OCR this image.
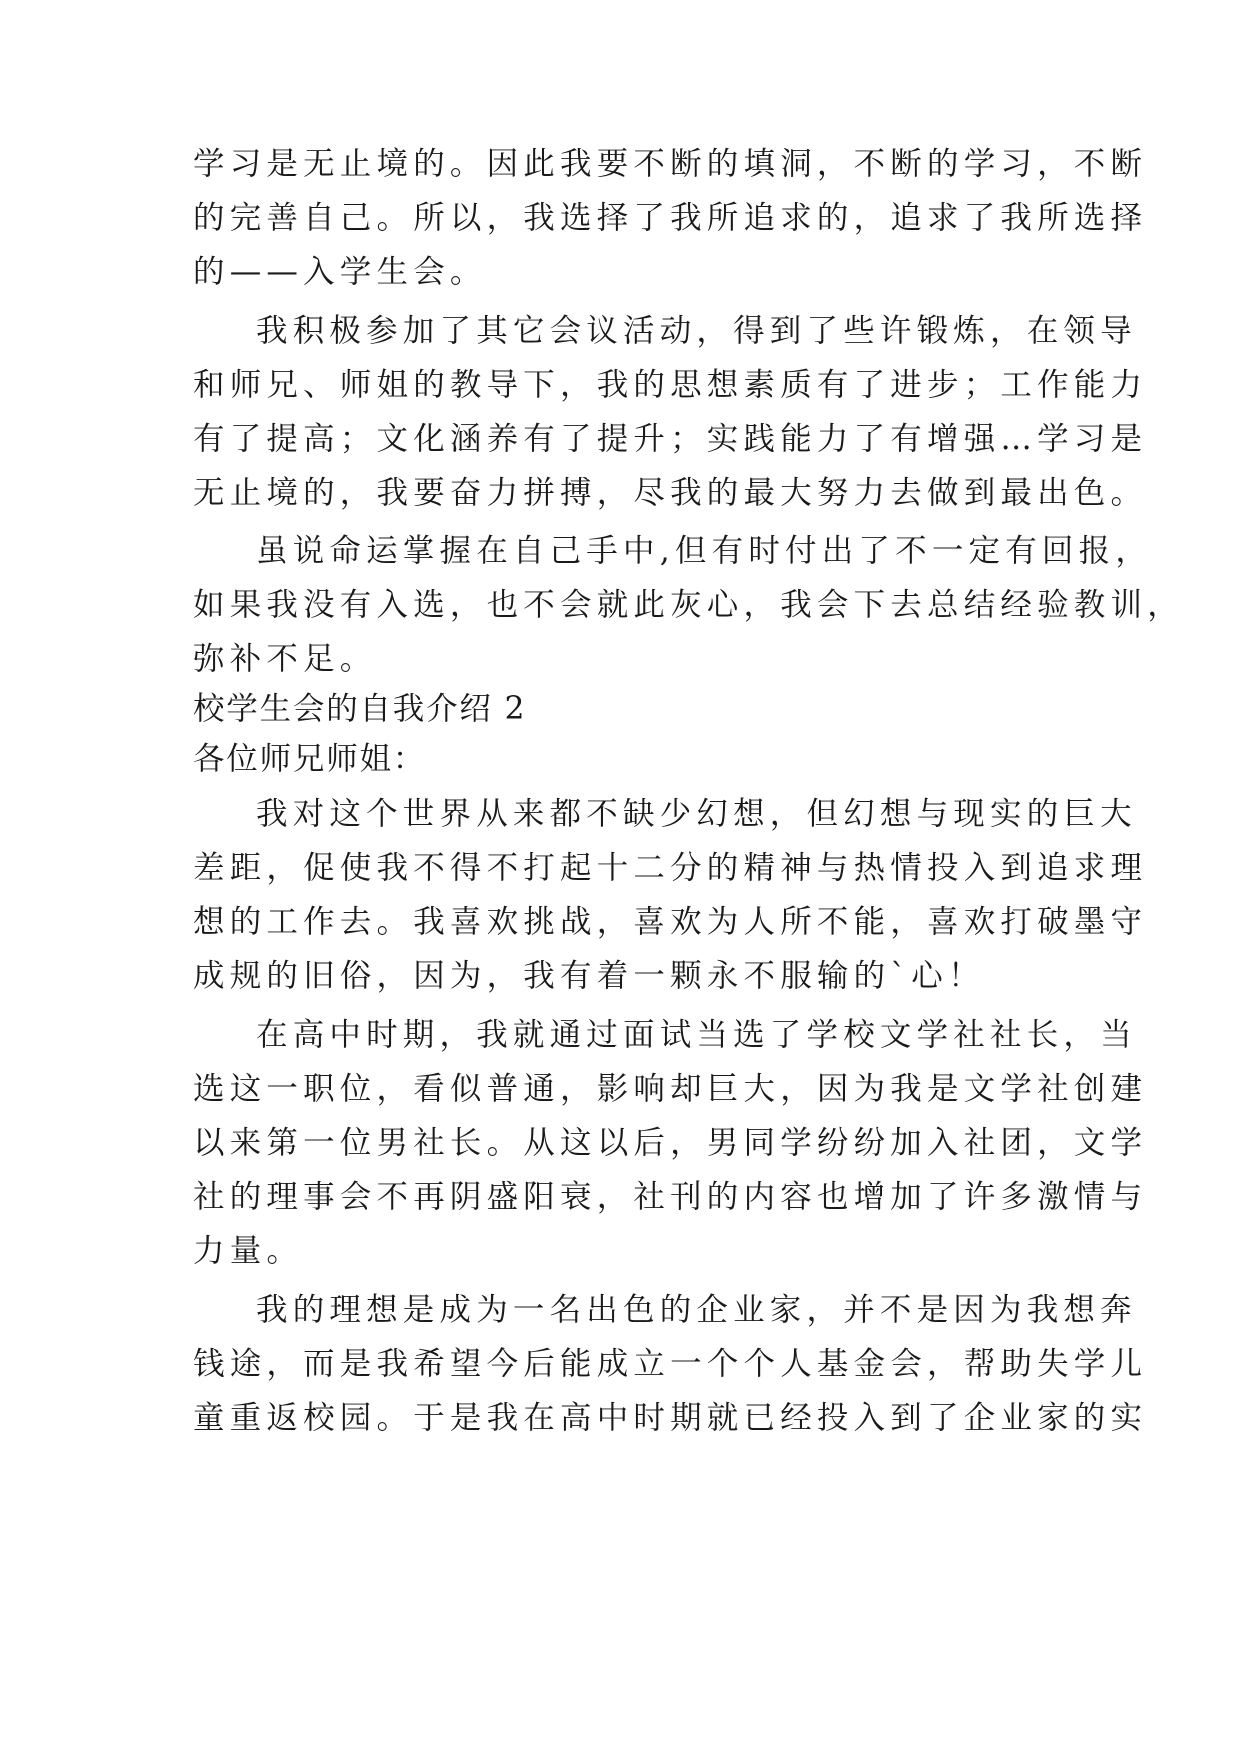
学习是无止境的。因此我要不断的填洞，不断的学习，不断
的完善自己。所以，我选择了我所追求的，追求了我所选择
的——入学生会。
我积极参加了其它会议活动，得到了些许锻炼，在领导
和师兄、师姐的教导下，我的思想素质有了进步；工作能力
有了提高；文化涵养有了提升；实践能力了有增强…学习是
无止境的，我要奋力拼搏，尽我的最大努力去做到最出色。
虽说命运掌握在自己手中,但有时付出了不一定有回报，
如果我没有入选，也不会就此灰心，我会下去总结经验教训，
弥补不足。
校学生会的自我介绍 2
各位师兄师姐：
我对这个世界从来都不缺少幻想，但幻想与现实的巨大
差距，促使我不得不打起十二分的精神与热情投入到追求理
想的工作去。我喜欢挑战，喜欢为人所不能，喜欢打破墨守
成规的旧俗，因为，我有着一颗永不服输的`心！
在高中时期，我就通过面试当选了学校文学社社长，当
选这一职位，看似普通，影响却巨大，因为我是文学社创建
以来第一位男社长。从这以后，男同学纷纷加入社团，文学
社的理事会不再阴盛阳衰，社刊的内容也增加了许多激情与
力量。
我的理想是成为一名出色的企业家，并不是因为我想奔
钱途，而是我希望今后能成立一个个人基金会，帮助失学儿
童重返校园。于是我在高中时期就已经投入到了企业家的实
